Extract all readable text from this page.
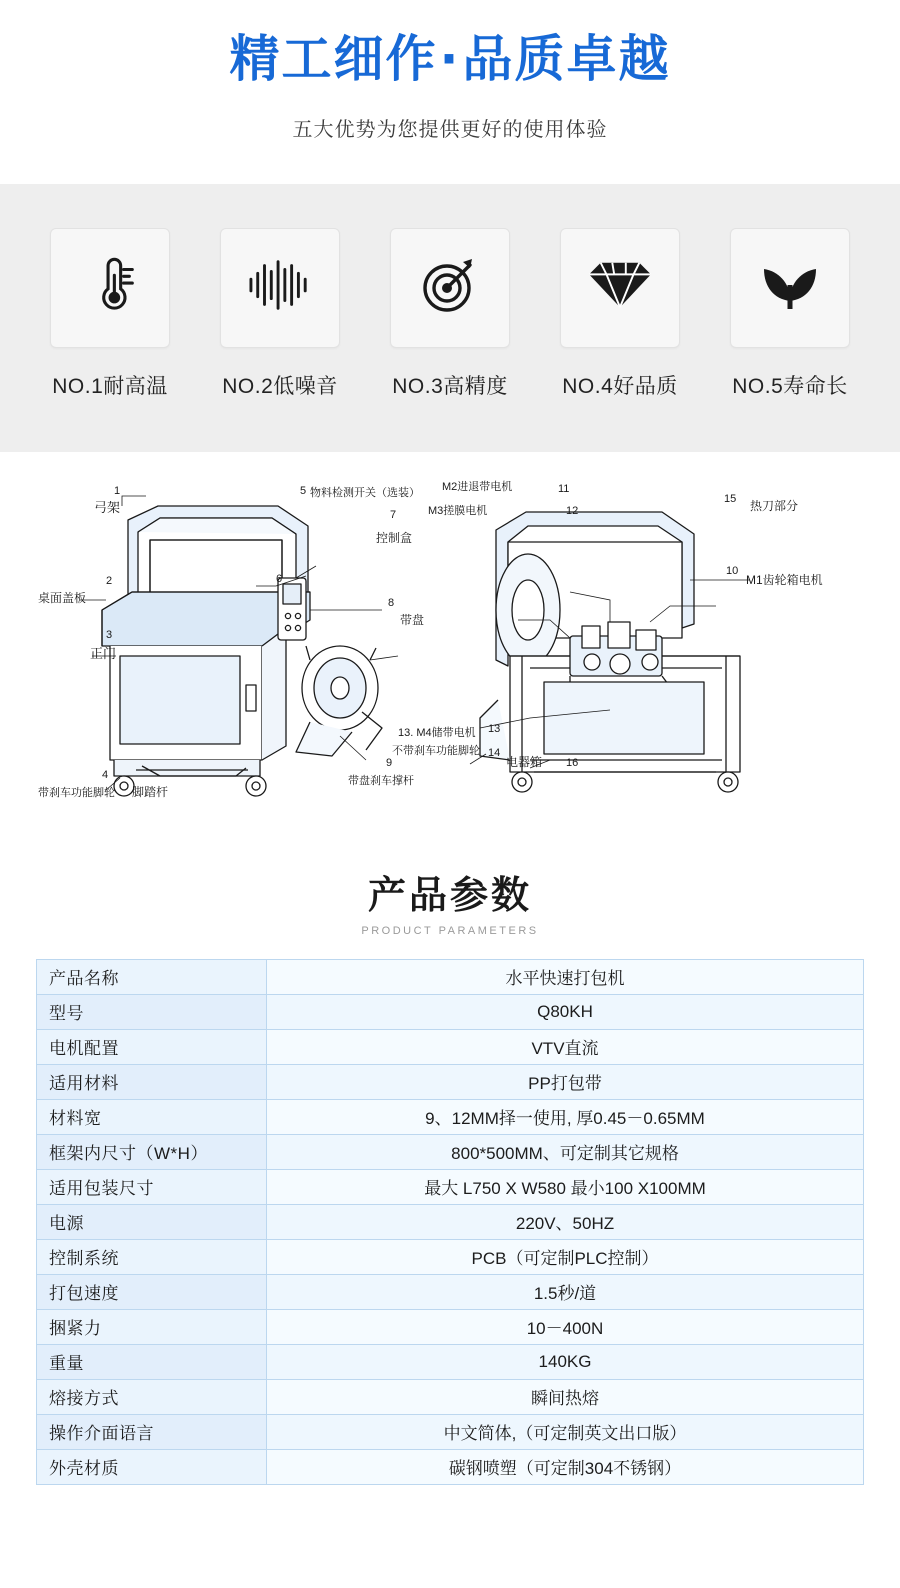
精工细作·品质卓越
五大优势为您提供更好的使用体验
NO.1耐高温	NO.2低噪音	NO.3高精度	NO.4好品质	NO.5寿命长
1
弓架
2
桌面盖板
3
正门
4
带刹车功能脚轮
5 物料检测开关（选装） M2进退带电机
M3搓膜电机
7
控制盒
8
带盘
9
带盘刹车撑杆
脚踏杆
13. M4储带电机
不带刹车功能脚轮
13
14
电器箱 16
11
12
15 热刀部分
10
M1齿轮箱电机
6
产品参数
PRODUCT PARAMETERS
产品名称	水平快速打包机
型号	Q80KH
电机配置	VTV直流
适用材料	PP打包带
材料宽	9、12MM择一使用, 厚0.45－0.65MM
框架内尺寸（W*H）	800*500MM、可定制其它规格
适用包装尺寸	最大 L750 X W580 最小100 X100MM
电源	220V、50HZ
控制系统	PCB（可定制PLC控制）
打包速度	1.5秒/道
捆紧力	10－400N
重量	140KG
熔接方式	瞬间热熔
操作介面语言	中文简体,（可定制英文出口版）
外壳材质	碳钢喷塑（可定制304不锈钢）
